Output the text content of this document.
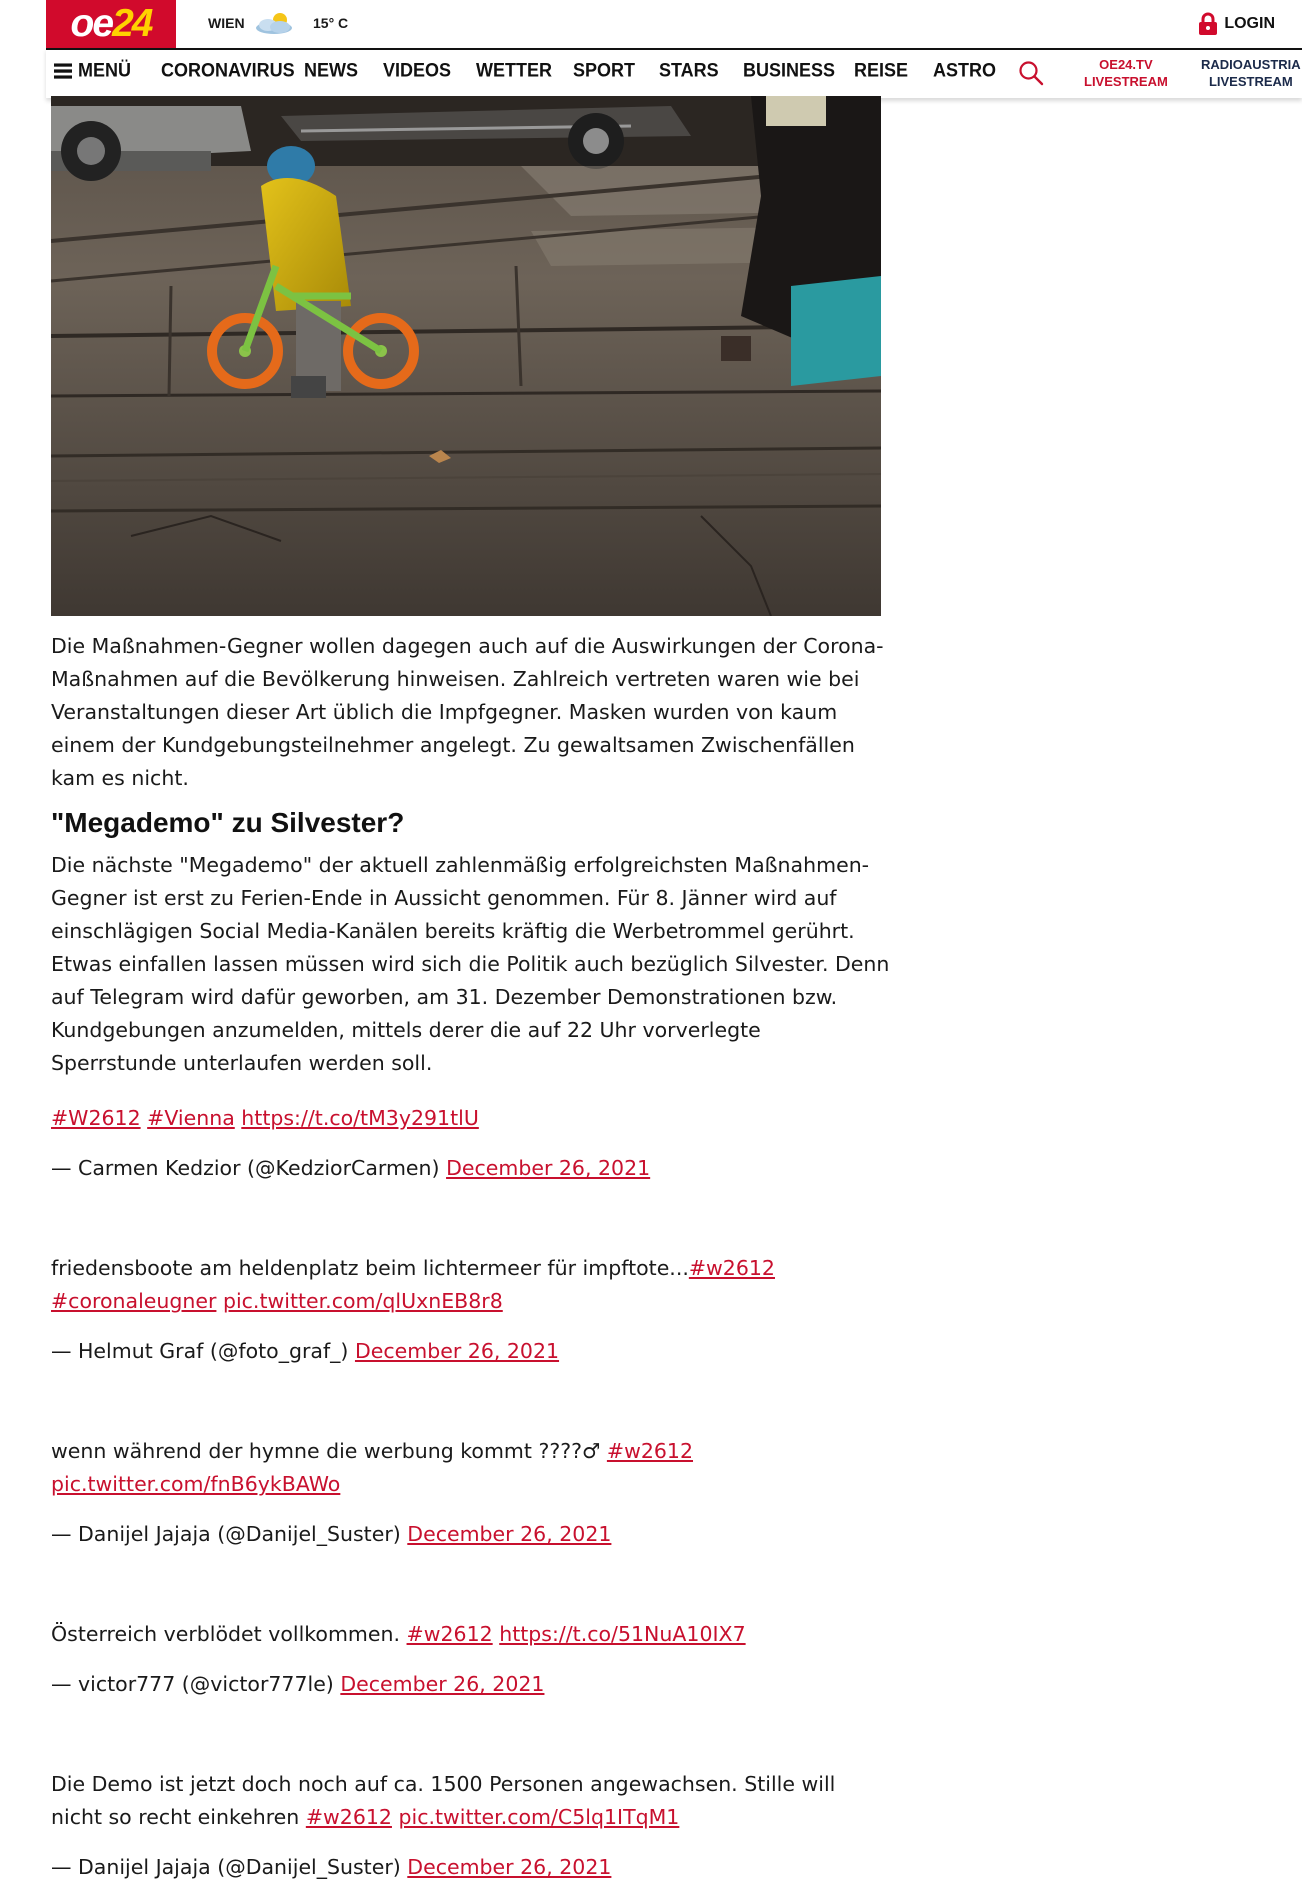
oe 24	WIEN	15° C	LOGIN
MENÜ CORONAVIRUS NEWS VIDEOS WETTER SPORT STARS BUSINESS REISE ASTRO	OE24.TV
LIVESTREAM
RADIOAUSTRIA
LIVESTREAM

Die Maßnahmen-Gegner wollen dagegen auch auf die Auswirkungen der Corona-Maßnahmen auf die Bevölkerung hinweisen. Zahlreich vertreten waren wie bei Veranstaltungen dieser Art üblich die Impfgegner. Masken wurden von kaum einem der Kundgebungsteilnehmer angelegt. Zu gewaltsamen Zwischenfällen kam es nicht.

"Megademo" zu Silvester?

Die nächste "Megademo" der aktuell zahlenmäßig erfolgreichsten Maßnahmen-Gegner ist erst zu Ferien-Ende in Aussicht genommen. Für 8. Jänner wird auf einschlägigen Social Media-Kanälen bereits kräftig die Werbetrommel gerührt. Etwas einfallen lassen müssen wird sich die Politik auch bezüglich Silvester. Denn auf Telegram wird dafür geworben, am 31. Dezember Demonstrationen bzw. Kundgebungen anzumelden, mittels derer die auf 22 Uhr vorverlegte Sperrstunde unterlaufen werden soll.

#W2612 #Vienna https://t.co/tM3y291tlU

— Carmen Kedzior (@KedziorCarmen) December 26, 2021

friedensboote am heldenplatz beim lichtermeer für impftote...#w2612
#coronaleugner pic.twitter.com/qlUxnEB8r8

— Helmut Graf (@foto_graf_) December 26, 2021

wenn während der hymne die werbung kommt ????♂ #w2612
pic.twitter.com/fnB6ykBAWo

— Danijel Jajaja (@Danijel_Suster) December 26, 2021

Österreich verblödet vollkommen. #w2612 https://t.co/51NuA10IX7

— victor777 (@victor777le) December 26, 2021

Die Demo ist jetzt doch noch auf ca. 1500 Personen angewachsen. Stille will nicht so recht einkehren #w2612 pic.twitter.com/C5lq1ITqM1

— Danijel Jajaja (@Danijel_Suster) December 26, 2021
